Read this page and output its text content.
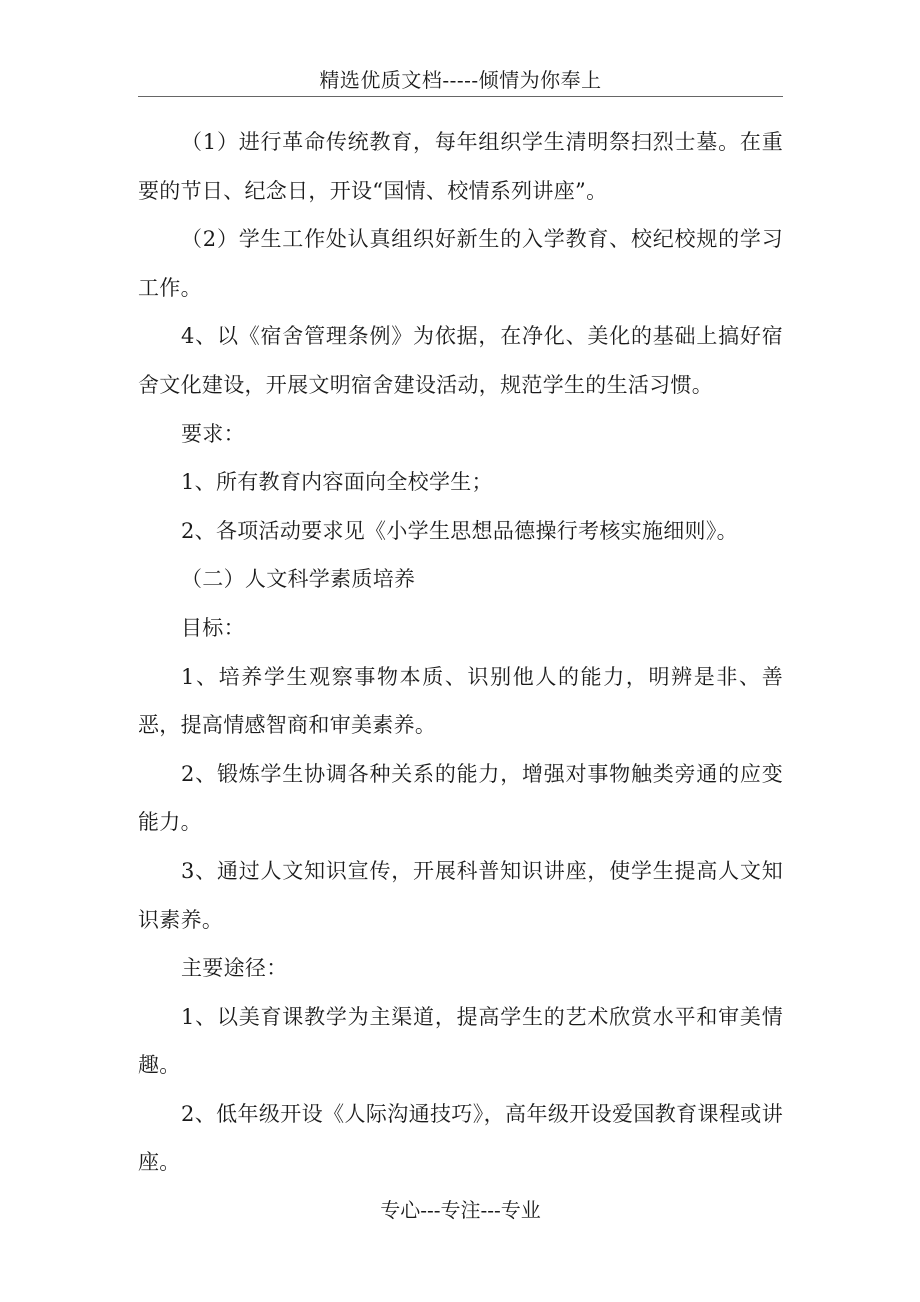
精选优质文档-----倾情为你奉上

（1）进行革命传统教育，每年组织学生清明祭扫烈士墓。在重要的节日、纪念日，开设“国情、校情系列讲座”。

（2）学生工作处认真组织好新生的入学教育、校纪校规的学习工作。

4、以《宿舍管理条例》为依据，在净化、美化的基础上搞好宿舍文化建设，开展文明宿舍建设活动，规范学生的生活习惯。

要求：

1、所有教育内容面向全校学生；

2、各项活动要求见《小学生思想品德操行考核实施细则》。

（二）人文科学素质培养

目标：

1、培养学生观察事物本质、识别他人的能力，明辨是非、善恶，提高情感智商和审美素养。

2、锻炼学生协调各种关系的能力，增强对事物触类旁通的应变能力。

3、通过人文知识宣传，开展科普知识讲座，使学生提高人文知识素养。

主要途径：

1、以美育课教学为主渠道，提高学生的艺术欣赏水平和审美情趣。

2、低年级开设《人际沟通技巧》，高年级开设爱国教育课程或讲座。

专心---专注---专业
